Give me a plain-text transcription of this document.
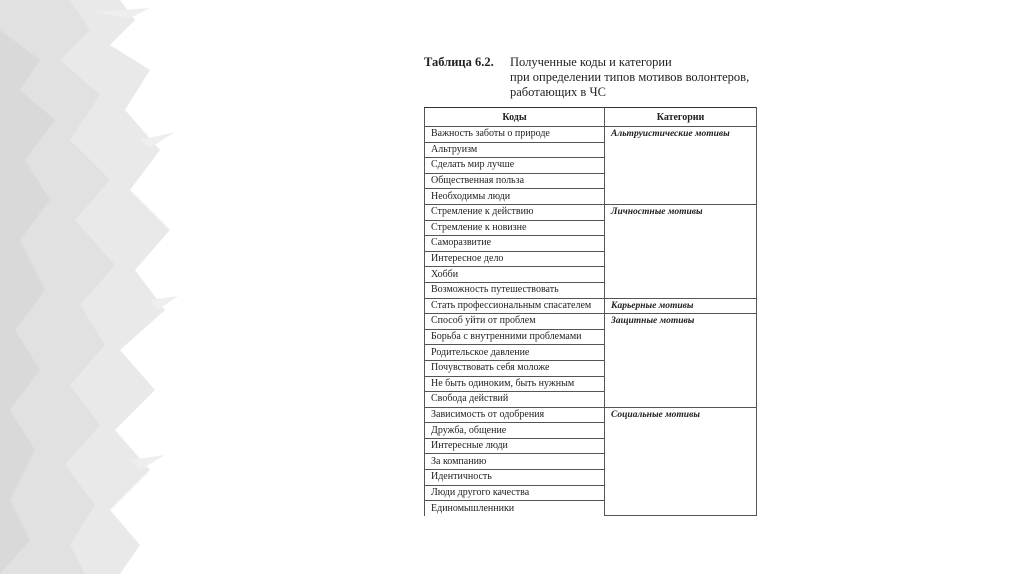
Таблица 6.2.	Полученные коды и категории
при определении типов мотивов волонтеров,
работающих в ЧС
Коды	Категории
Важность заботы о природе	Альтруистические мотивы
Альтруизм	
Сделать мир лучше	
Общественная польза	
Необходимы люди	
Стремление к действию	Личностные мотивы
Стремление к новизне	
Саморазвитие	
Интересное дело	
Хобби	
Возможность путешествовать	
Стать профессиональным спасателем	Карьерные мотивы
Способ уйти от проблем	Защитные мотивы
Борьба с внутренними проблемами	
Родительское давление	
Почувствовать себя моложе	
Не быть одиноким, быть нужным	
Свобода действий	
Зависимость от одобрения	Социальные мотивы
Дружба, общение	
Интересные люди	
За компанию	
Идентичность	
Люди другого качества	
Единомышленники	
